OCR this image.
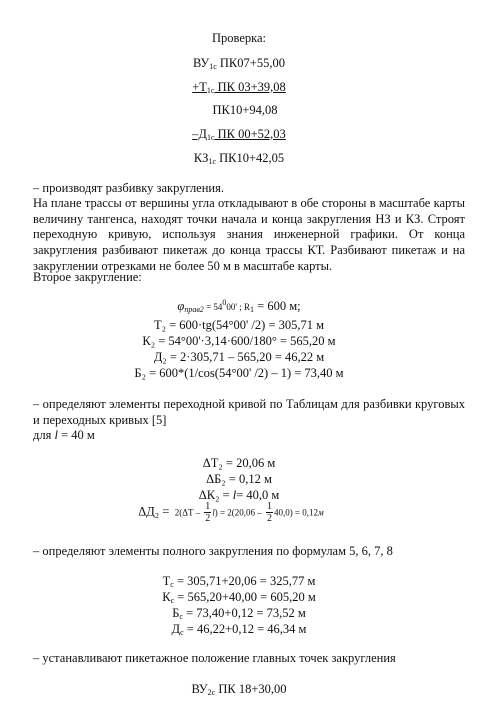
Проверка:
$ВУ_{1с}$ ПК07+55,00
$+Т_{1с}$ ПК 03+39,08
ПК10+94,08
$-Д_{1с}$ ПК 00+52,03
$КЗ_{1с}$ ПК10+42,05
– производят разбивку закругления.
На плане трассы от вершины угла откладывают в обе стороны в масштабе карты величину тангенса, находят точки начала и конца закругления НЗ и КЗ. Строят переходную кривую, используя знания инженерной графики. От конца закругления разбивают пикетаж до конца трассы КТ. Разбивают пикетаж и на закруглении отрезками не более 50 м в масштабе карты.
Второе закругление:
$\varphi_{прав2} = 54^000'$ ; $R_1 = 600$ м;
Т₂ = 600·tg(54°00' /2) = 305,71 м
К₂ = 54°00'·3,14·600/180° = 565,20 м
Д₂ = 2·305,71 – 565,20 = 46,22 м
Б₂ = 600*(1/cos(54°00' /2) – 1) = 73,40 м
– определяют элементы переходной кривой по Таблицам для разбивки круговых и переходных кривых [5]
для l = 40 м
ΔТ₂ = 20,06 м
ΔБ₂ = 0,12 м
ΔК₂ = l= 40,0 м
$\Delta Д_2 = 2(\Delta T - \frac{1}{2} l) = 2(20,06 - \frac{1}{2} 40,0) = 0,12м$
– определяют элементы полного закругления по формулам 5, 6, 7, 8
$Т_с = 305,71+20,06 = 325,77$ м
$К_с = 565,20+40,00 = 605,20$ м
$Б_с = 73,40+0,12 = 73,52$ м
$Д_с = 46,22+0,12 = 46,34$ м
– устанавливают пикетажное положение главных точек закругления
$ВУ_{2с}$ ПК 18+30,00
